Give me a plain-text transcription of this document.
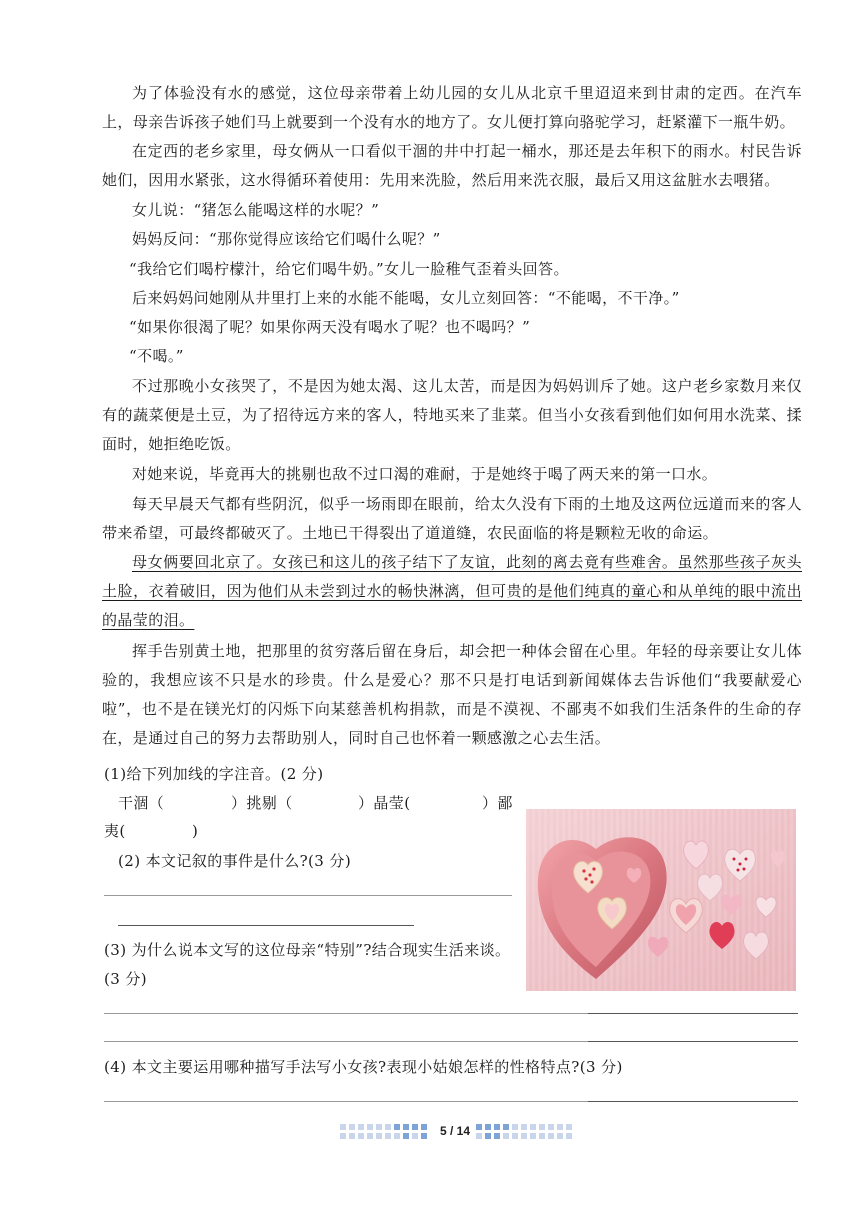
为了体验没有水的感觉，这位母亲带着上幼儿园的女儿从北京千里迢迢来到甘肃的定西。在汽车上，母亲告诉孩子她们马上就要到一个没有水的地方了。女儿便打算向骆驼学习，赶紧灌下一瓶牛奶。

在定西的老乡家里，母女俩从一口看似干涸的井中打起一桶水，那还是去年积下的雨水。村民告诉她们，因用水紧张，这水得循环着使用：先用来洗脸，然后用来洗衣服，最后又用这盆脏水去喂猪。

女儿说：“猪怎么能喝这样的水呢？”

妈妈反问：“那你觉得应该给它们喝什么呢？”

“我给它们喝柠檬汁，给它们喝牛奶。”女儿一脸稚气歪着头回答。

后来妈妈问她刚从井里打上来的水能不能喝，女儿立刻回答：“不能喝，不干净。”

“如果你很渴了呢？如果你两天没有喝水了呢？也不喝吗？”

“不喝。”

不过那晚小女孩哭了，不是因为她太渴、这儿太苦，而是因为妈妈训斥了她。这户老乡家数月来仅有的蔬菜便是土豆，为了招待远方来的客人，特地买来了韭菜。但当小女孩看到他们如何用水洗菜、揉面时，她拒绝吃饭。

对她来说，毕竟再大的挑剔也敌不过口渴的难耐，于是她终于喝了两天来的第一口水。

每天早晨天气都有些阴沉，似乎一场雨即在眼前，给太久没有下雨的土地及这两位远道而来的客人带来希望，可最终都破灭了。土地已干得裂出了道道缝，农民面临的将是颗粒无收的命运。

母女俩要回北京了。女孩已和这儿的孩子结下了友谊，此刻的离去竟有些难舍。虽然那些孩子灰头土脸，衣着破旧，因为他们从未尝到过水的畅快淋漓，但可贵的是他们纯真的童心和从单纯的眼中流出的晶莹的泪。

挥手告别黄土地，把那里的贫穷落后留在身后，却会把一种体会留在心里。年轻的母亲要让女儿体验的，我想应该不只是水的珍贵。什么是爱心？那不只是打电话到新闻媒体去告诉他们“我要献爱心啦”，也不是在镁光灯的闪烁下向某慈善机构捐款，而是不漠视、不鄙夷不如我们生活条件的生命的存在，是通过自己的努力去帮助别人，同时自己也怀着一颗感激之心去生活。

(1)给下列加线的字注音。(2 分)
干涸（	）挑剔（	）晶莹(	）鄙
夷(	)
(2) 本文记叙的事件是什么?(3 分)
(3) 为什么说本文写的这位母亲“特别”?结合现实生活来谈。
(3 分)
(4) 本文主要运用哪种描写手法写小女孩?表现小姑娘怎样的性格特点?(3 分)
5 / 14
